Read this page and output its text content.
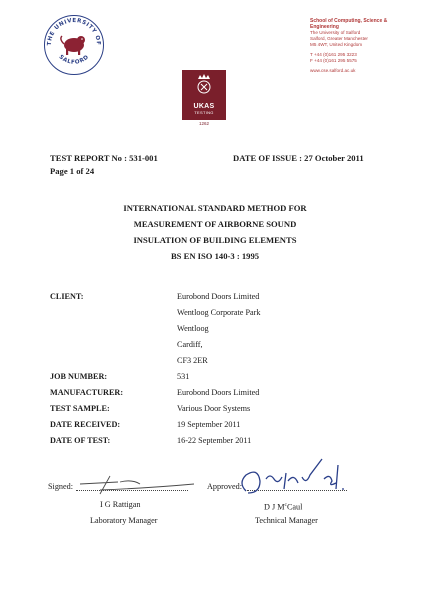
THE UNIVERSITY OF
SALFORD
School of Computing, Science &
Engineering
The University of Salford
Salford, Greater Manchester
M5 4WT, United Kingdom
T +44 (0)161 295 3223
F +44 (0)161 295 5575
www.cse.salford.ac.uk
UKAS
TESTING
1262
TEST REPORT No : 531-001
Page 1 of 24
DATE OF ISSUE : 27 October 2011
INTERNATIONAL STANDARD METHOD FOR
MEASUREMENT OF AIRBORNE SOUND
INSULATION OF BUILDING ELEMENTS
BS EN ISO 140-3 : 1995
CLIENT:	Eurobond Doors Limited
Wentloog Corporate Park
Wentloog
Cardiff,
CF3 2ER
JOB NUMBER:	531
MANUFACTURER:	Eurobond Doors Limited
TEST SAMPLE:	Various Door Systems
DATE RECEIVED:	19 September 2011
DATE OF TEST:	16-22 September 2011
Signed:	Approved:
I G Rattigan
Laboratory Manager
D J $M^cCaul$
Technical Manager
